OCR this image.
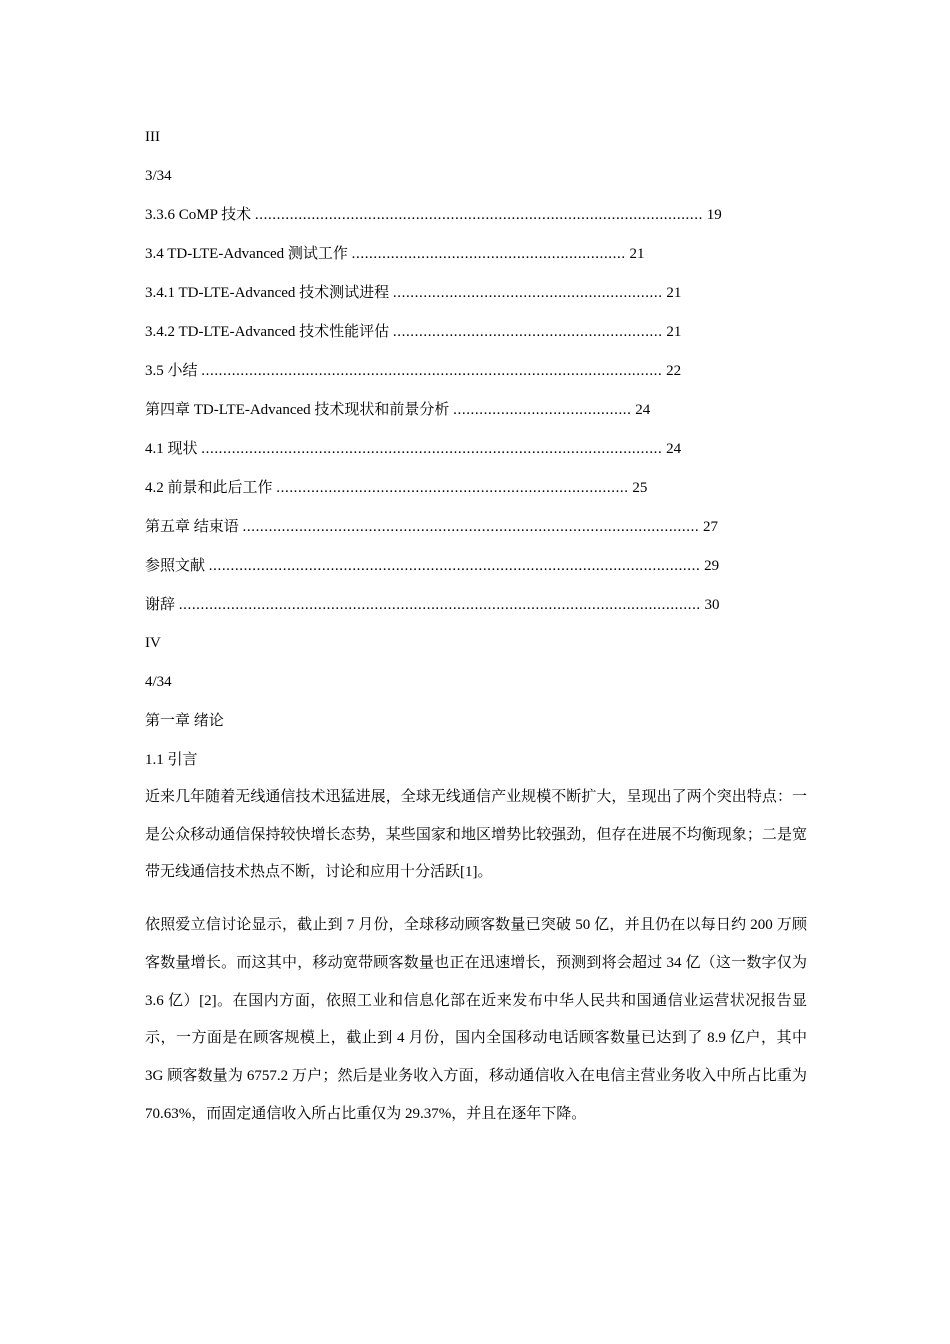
III
3/34
3.3.6 CoMP 技术 ....................................................................................................... 19
3.4 TD-LTE-Advanced 测试工作 ............................................................... 21
3.4.1 TD-LTE-Advanced 技术测试进程 .............................................................. 21
3.4.2 TD-LTE-Advanced 技术性能评估 .............................................................. 21
3.5 小结 .......................................................................................................... 22
第四章 TD-LTE-Advanced 技术现状和前景分析 ......................................... 24
4.1 现状 .......................................................................................................... 24
4.2 前景和此后工作 ................................................................................. 25
第五章 结束语 ......................................................................................................... 27
参照文献 ................................................................................................................. 29
谢辞 ........................................................................................................................ 30
IV
4/34
第一章 绪论
1.1 引言
近来几年随着无线通信技术迅猛进展，全球无线通信产业规模不断扩大，呈现出了两个突出特点：一是公众移动通信保持较快增长态势，某些国家和地区增势比较强劲，但存在进展不均衡现象；二是宽带无线通信技术热点不断，讨论和应用十分活跃[1]。
依照爱立信讨论显示，截止到 7 月份，全球移动顾客数量已突破 50 亿，并且仍在以每日约 200 万顾客数量增长。而这其中，移动宽带顾客数量也正在迅速增长，预测到将会超过 34 亿（这一数字仅为 3.6 亿）[2]。在国内方面，依照工业和信息化部在近来发布中华人民共和国通信业运营状况报告显示，一方面是在顾客规模上，截止到 4 月份，国内全国移动电话顾客数量已达到了 8.9 亿户，其中 3G 顾客数量为 6757.2 万户；然后是业务收入方面，移动通信收入在电信主营业务收入中所占比重为 70.63%，而固定通信收入所占比重仅为 29.37%，并且在逐年下降。
